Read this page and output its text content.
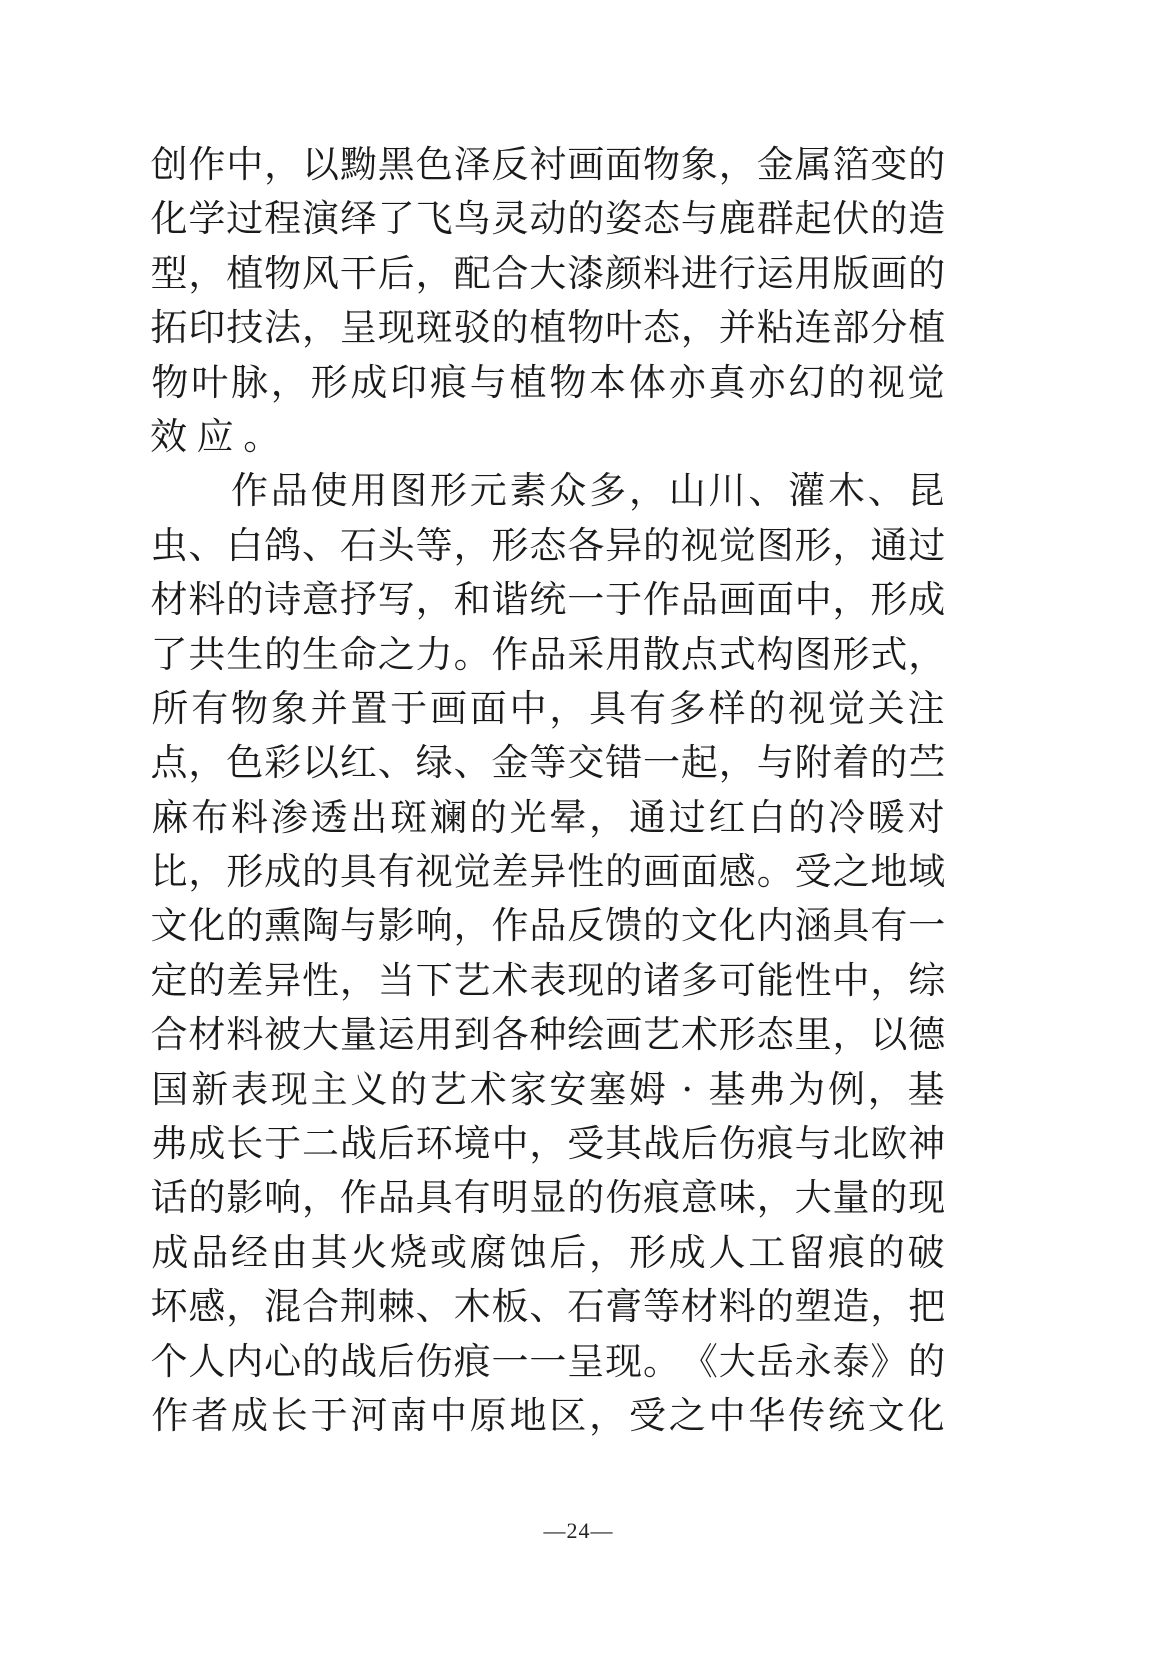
创 作 中 ， 以 黝 黑 色 泽 反 衬 画 面 物 象 ， 金 属 箔 变 的
化 学 过 程 演 绎 了 飞 鸟 灵 动 的 姿 态 与 鹿 群 起 伏 的 造
型 ， 植 物 风 干 后 ， 配 合 大 漆 颜 料 进 行 运 用 版 画 的
拓 印 技 法 ， 呈 现 斑 驳 的 植 物 叶 态 ， 并 粘 连 部 分 植
物 叶 脉 ， 形 成 印 痕 与 植 物 本 体 亦 真 亦 幻 的 视 觉
效 应 。

作 品 使 用 图 形 元 素 众 多 ， 山 川 、 灌 木 、 昆
虫 、 白 鸽 、 石 头 等 ， 形 态 各 异 的 视 觉 图 形 ， 通 过
材 料 的 诗 意 抒 写 ， 和 谐 统 一 于 作 品 画 面 中 ， 形 成
了 共 生 的 生 命 之 力 。 作 品 采 用 散 点 式 构 图 形 式 ，
所 有 物 象 并 置 于 画 面 中 ， 具 有 多 样 的 视 觉 关 注
点 ， 色 彩 以 红 、 绿 、 金 等 交 错 一 起 ， 与 附 着 的 苎
麻 布 料 渗 透 出 斑 斓 的 光 晕 ， 通 过 红 白 的 冷 暖 对
比 ， 形 成 的 具 有 视 觉 差 异 性 的 画 面 感 。 受 之 地 域
文 化 的 熏 陶 与 影 响 ， 作 品 反 馈 的 文 化 内 涵 具 有 一
定 的 差 异 性 ， 当 下 艺 术 表 现 的 诸 多 可 能 性 中 ， 综
合 材 料 被 大 量 运 用 到 各 种 绘 画 艺 术 形 态 里 ， 以 德
国 新 表 现 主 义 的 艺 术 家 安 塞 姆 · 基 弗 为 例 ， 基
弗 成 长 于 二 战 后 环 境 中 ， 受 其 战 后 伤 痕 与 北 欧 神
话 的 影 响 ， 作 品 具 有 明 显 的 伤 痕 意 味 ， 大 量 的 现
成 品 经 由 其 火 烧 或 腐 蚀 后 ， 形 成 人 工 留 痕 的 破
坏 感 ， 混 合 荆 棘 、 木 板 、 石 膏 等 材 料 的 塑 造 ， 把
个 人 内 心 的 战 后 伤 痕 一 一 呈 现 。 《 大 岳 永 泰 》 的
作 者 成 长 于 河 南 中 原 地 区 ， 受 之 中 华 传 统 文 化
—24—
